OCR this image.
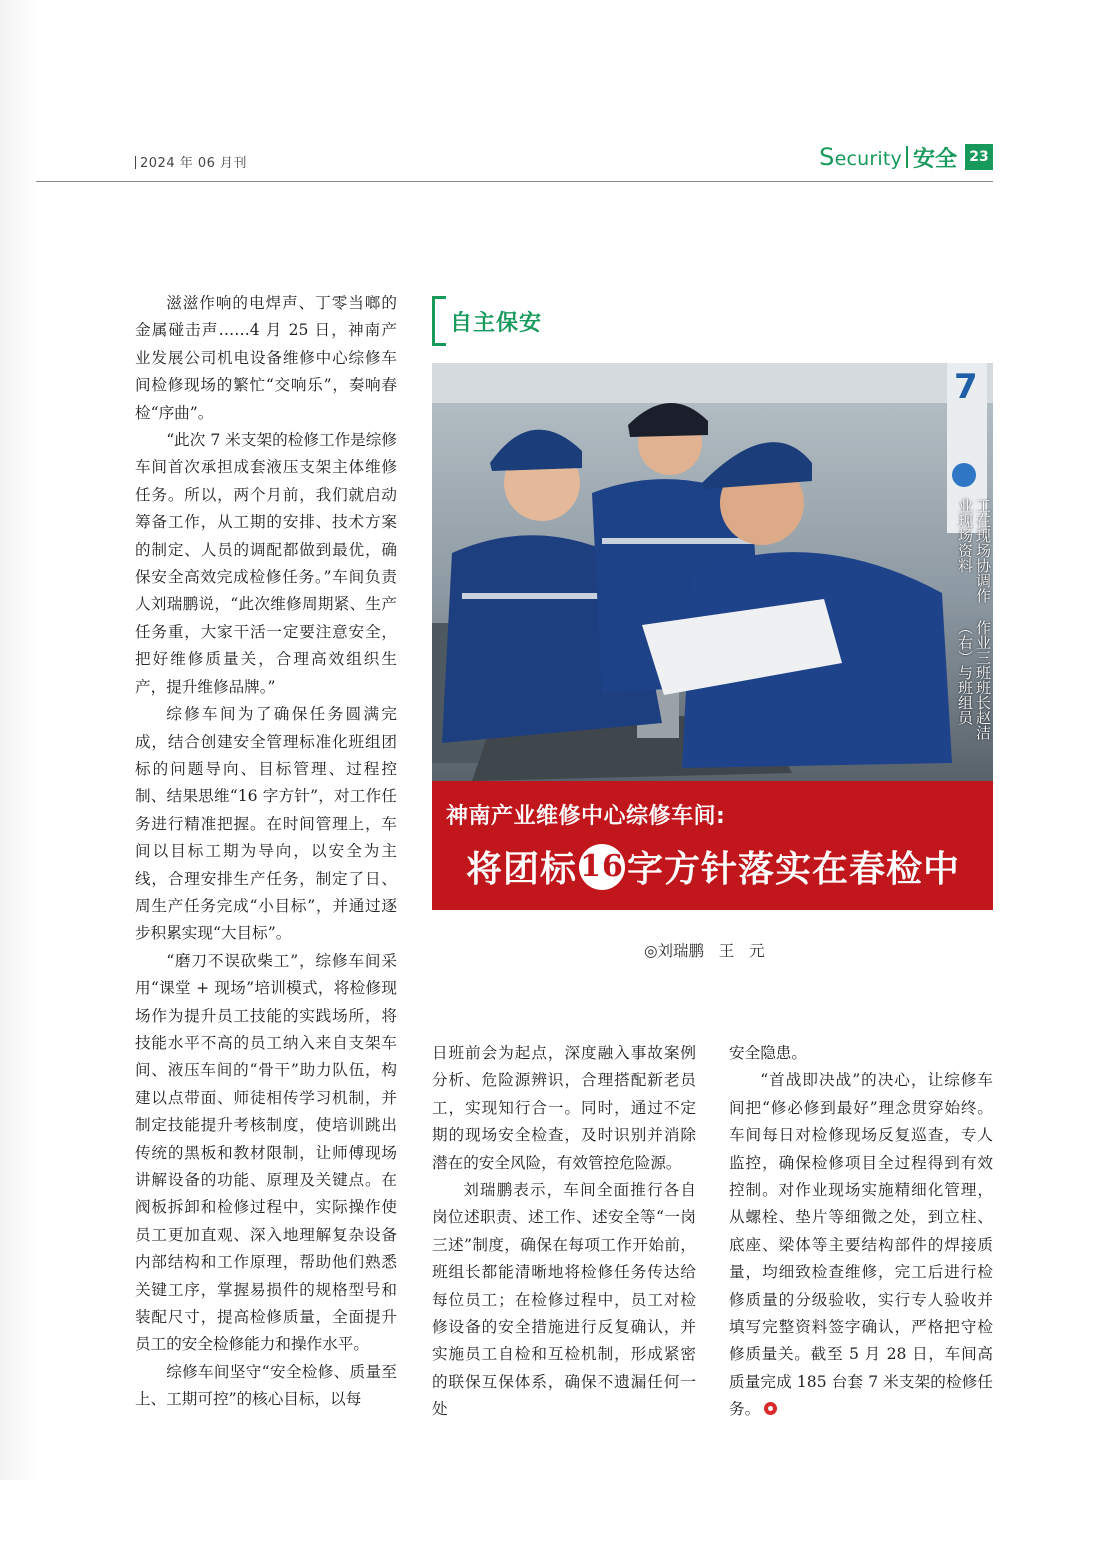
2024 年 06 月刊	Security 安全 23

滋滋作响的电焊声、丁零当啷的金属碰击声……4 月 25 日，神南产业发展公司机电设备维修中心综修车间检修现场的繁忙“交响乐”，奏响春检“序曲”。

“此次 7 米支架的检修工作是综修车间首次承担成套液压支架主体维修任务。所以，两个月前，我们就启动筹备工作，从工期的安排、技术方案的制定、人员的调配都做到最优，确保安全高效完成检修任务。”车间负责人刘瑞鹏说，“此次维修周期紧、生产任务重，大家干活一定要注意安全，把好维修质量关，合理高效组织生产，提升维修品牌。”

综修车间为了确保任务圆满完成，结合创建安全管理标准化班组团标的问题导向、目标管理、过程控制、结果思维“16 字方针”，对工作任务进行精准把握。在时间管理上，车间以目标工期为导向，以安全为主线，合理安排生产任务，制定了日、周生产任务完成“小目标”，并通过逐步积累实现“大目标”。

“磨刀不误砍柴工”，综修车间采用“课堂 + 现场”培训模式，将检修现场作为提升员工技能的实践场所，将技能水平不高的员工纳入来自支架车间、液压车间的“骨干”助力队伍，构建以点带面、师徒相传学习机制，并制定技能提升考核制度，使培训跳出传统的黑板和教材限制，让师傅现场讲解设备的功能、原理及关键点。在阀板拆卸和检修过程中，实际操作使员工更加直观、深入地理解复杂设备内部结构和工作原理，帮助他们熟悉关键工序，掌握易损件的规格型号和装配尺寸，提高检修质量，全面提升员工的安全检修能力和操作水平。

综修车间坚守“安全检修、质量至上、工期可控”的核心目标，以每

自主保安
7
作业三班班长赵洁（右）与班组员
工在现场协调作业现场资料
神南产业维修中心综修车间:
将团标 16 字方针落实在春检中
◎刘瑞鹏   王   元

日班前会为起点，深度融入事故案例分析、危险源辨识，合理搭配新老员工，实现知行合一。同时，通过不定期的现场安全检查，及时识别并消除潜在的安全风险，有效管控危险源。

刘瑞鹏表示，车间全面推行各自岗位述职责、述工作、述安全等“一岗三述”制度，确保在每项工作开始前，班组长都能清晰地将检修任务传达给每位员工；在检修过程中，员工对检修设备的安全措施进行反复确认，并实施员工自检和互检机制，形成紧密的联保互保体系，确保不遗漏任何一处

安全隐患。

“首战即决战”的决心，让综修车间把“修必修到最好”理念贯穿始终。车间每日对检修现场反复巡查，专人监控，确保检修项目全过程得到有效控制。对作业现场实施精细化管理，从螺栓、垫片等细微之处，到立柱、底座、梁体等主要结构部件的焊接质量，均细致检查维修，完工后进行检修质量的分级验收，实行专人验收并填写完整资料签字确认，严格把守检修质量关。截至 5 月 28 日，车间高质量完成 185 台套 7 米支架的检修任务。
